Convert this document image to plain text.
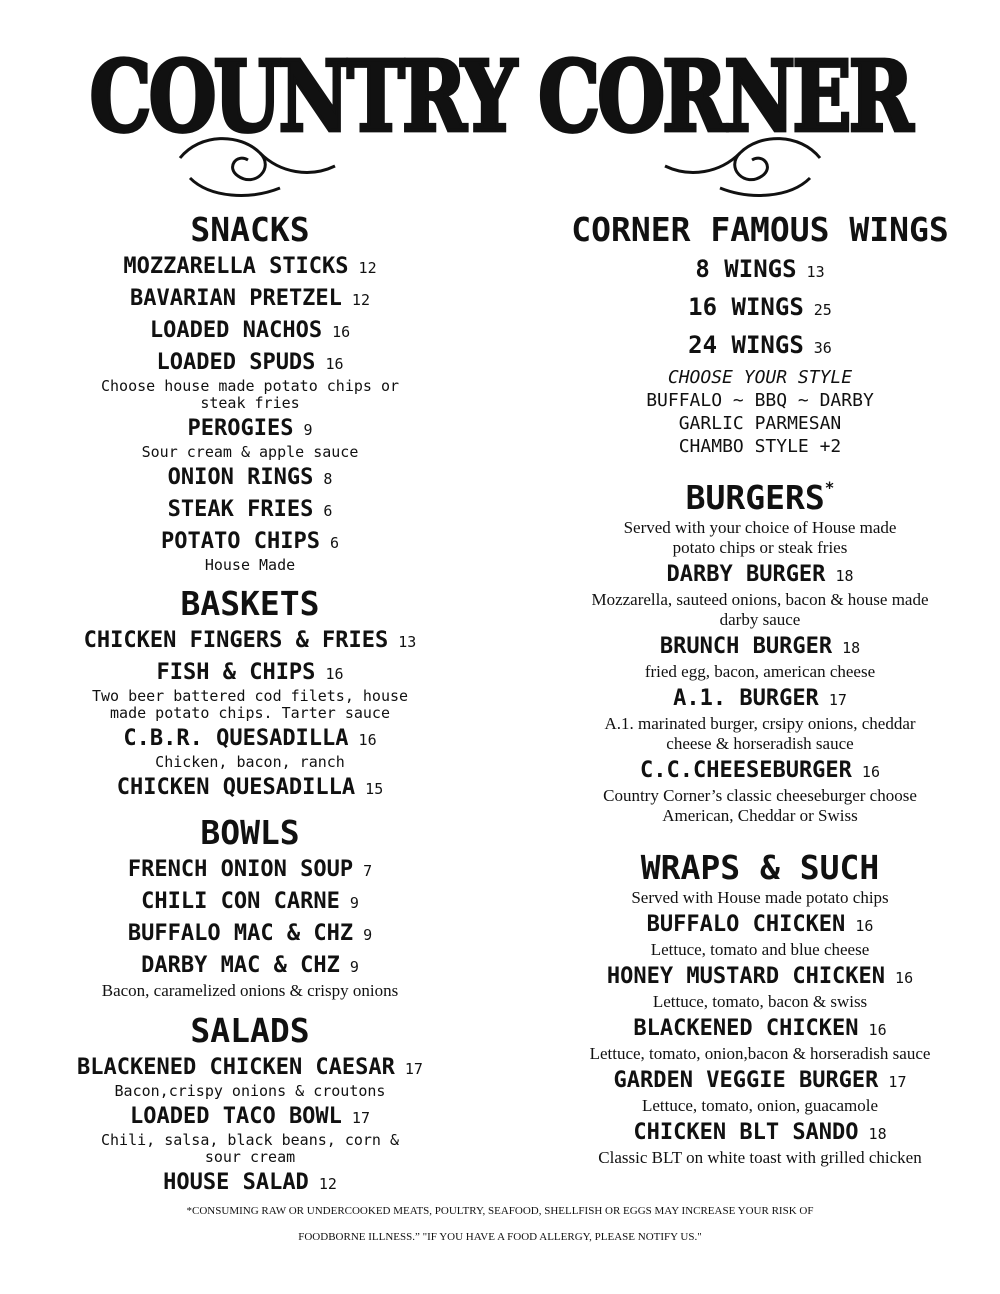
COUNTRY CORNER
SNACKS
MOZZARELLA STICKS 12
BAVARIAN PRETZEL 12
LOADED NACHOS 16
LOADED SPUDS 16
Choose house made potato chips or steak fries
PEROGIES 9
Sour cream & apple sauce
ONION RINGS 8
STEAK FRIES 6
POTATO CHIPS 6
House Made
BASKETS
CHICKEN FINGERS & FRIES 13
FISH & CHIPS 16
Two beer battered cod filets, house made potato chips. Tarter sauce
C.B.R. QUESADILLA 16
Chicken, bacon, ranch
CHICKEN QUESADILLA 15
BOWLS
FRENCH ONION SOUP 7
CHILI CON CARNE 9
BUFFALO MAC & CHZ 9
DARBY MAC & CHZ 9
Bacon, caramelized onions & crispy onions
SALADS
BLACKENED CHICKEN CAESAR 17
Bacon,crispy onions & croutons
LOADED TACO BOWL 17
Chili, salsa, black beans, corn & sour cream
HOUSE SALAD 12
CORNER FAMOUS WINGS
8 WINGS 13
16 WINGS 25
24 WINGS 36
CHOOSE YOUR STYLE
BUFFALO ~ BBQ ~ DARBY
GARLIC PARMESAN
CHAMBO STYLE +2
BURGERS*
Served with your choice of House made potato chips or steak fries
DARBY BURGER 18
Mozzarella, sauteed onions, bacon & house made darby sauce
BRUNCH BURGER 18
fried egg, bacon, american cheese
A.1. BURGER 17
A.1. marinated burger, crsipy onions, cheddar cheese & horseradish sauce
C.C.CHEESEBURGER 16
Country Corner’s classic cheeseburger choose American, Cheddar or Swiss
WRAPS & SUCH
Served with House made potato chips
BUFFALO CHICKEN 16
Lettuce, tomato and blue cheese
HONEY MUSTARD CHICKEN 16
Lettuce, tomato, bacon & swiss
BLACKENED CHICKEN 16
Lettuce, tomato, onion,bacon & horseradish sauce
GARDEN VEGGIE BURGER 17
Lettuce, tomato, onion, guacamole
CHICKEN BLT SANDO 18
Classic BLT on white toast with grilled chicken
*CONSUMING RAW OR UNDERCOOKED MEATS, POULTRY, SEAFOOD, SHELLFISH OR EGGS MAY INCREASE YOUR RISK OF
FOODBORNE ILLNESS.” "IF YOU HAVE A FOOD ALLERGY, PLEASE NOTIFY US."
